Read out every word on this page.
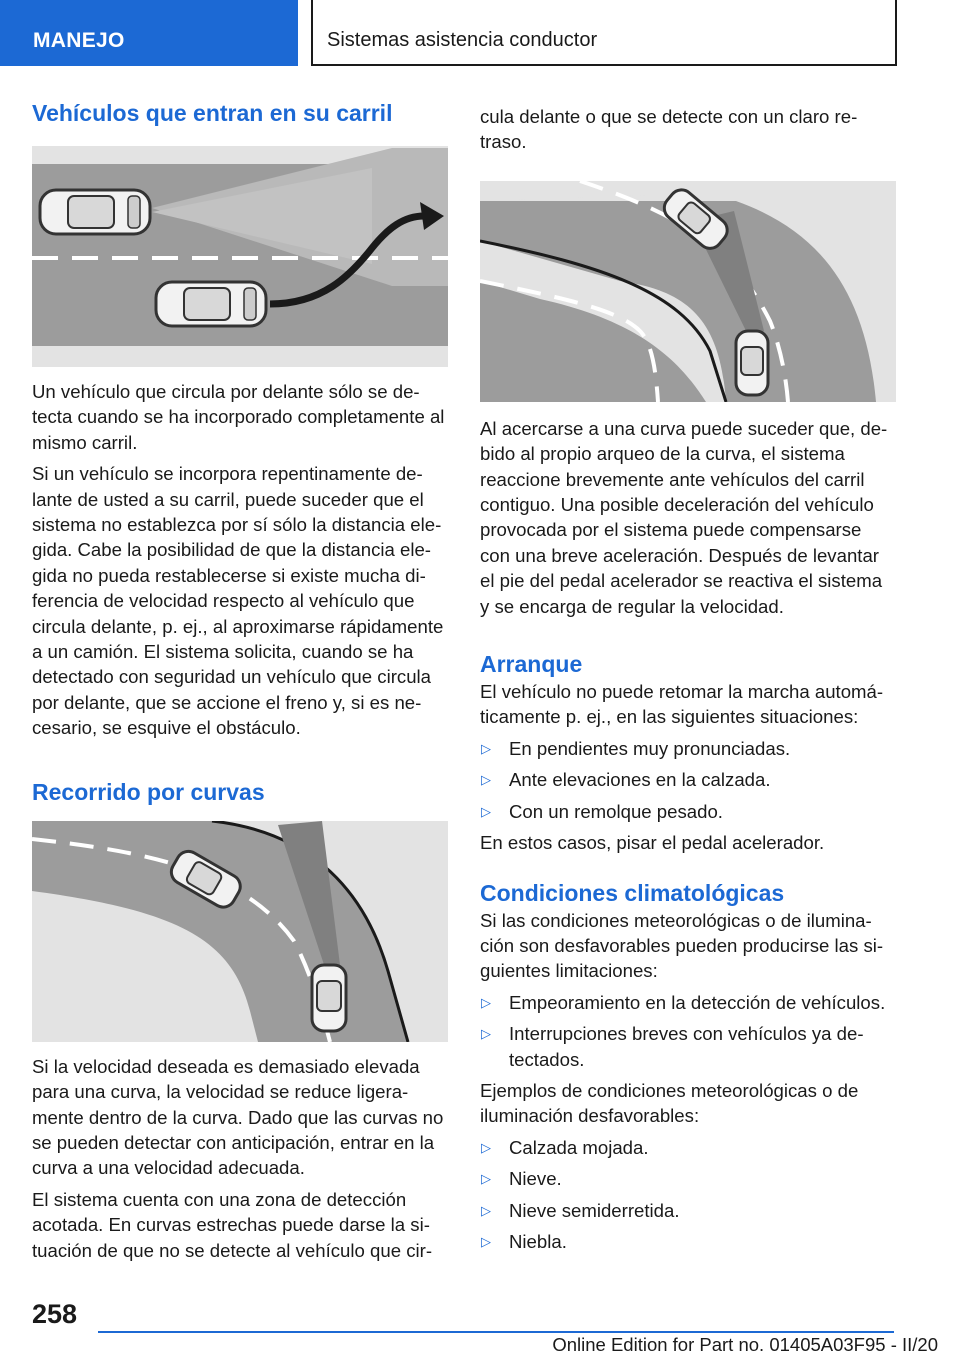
MANEJO	Sistemas asistencia conductor
Vehículos que entran en su carril

Un vehículo que circula por delante sólo se de-tecta cuando se ha incorporado completamente al mismo carril.

Si un vehículo se incorpora repentinamente de-lante de usted a su carril, puede suceder que el sistema no establezca por sí sólo la distancia ele-gida. Cabe la posibilidad de que la distancia ele-gida no pueda restablecerse si existe mucha di-ferencia de velocidad respecto al vehículo que circula delante, p. ej., al aproximarse rápidamente a un camión. El sistema solicita, cuando se ha detectado con seguridad un vehículo que circula por delante, que se accione el freno y, si es ne-cesario, se esquive el obstáculo.

Recorrido por curvas

Si la velocidad deseada es demasiado elevada para una curva, la velocidad se reduce ligera-mente dentro de la curva. Dado que las curvas no se pueden detectar con anticipación, entrar en la curva a una velocidad adecuada.

El sistema cuenta con una zona de detección acotada. En curvas estrechas puede darse la si-tuación de que no se detecte al vehículo que cir-

cula delante o que se detecte con un claro re-traso.

Al acercarse a una curva puede suceder que, de-bido al propio arqueo de la curva, el sistema reaccione brevemente ante vehículos del carril contiguo. Una posible deceleración del vehículo provocada por el sistema puede compensarse con una breve aceleración. Después de levantar el pie del pedal acelerador se reactiva el sistema y se encarga de regular la velocidad.

Arranque

El vehículo no puede retomar la marcha automá-ticamente p. ej., en las siguientes situaciones:

▷ En pendientes muy pronunciadas.
▷ Ante elevaciones en la calzada.
▷ Con un remolque pesado.

En estos casos, pisar el pedal acelerador.

Condiciones climatológicas

Si las condiciones meteorológicas o de ilumina-ción son desfavorables pueden producirse las si-guientes limitaciones:

▷ Empeoramiento en la detección de vehículos.
▷ Interrupciones breves con vehículos ya de-tectados.

Ejemplos de condiciones meteorológicas o de iluminación desfavorables:

▷ Calzada mojada.
▷ Nieve.
▷ Nieve semiderretida.
▷ Niebla.
258
Online Edition for Part no. 01405A03F95 - II/20
